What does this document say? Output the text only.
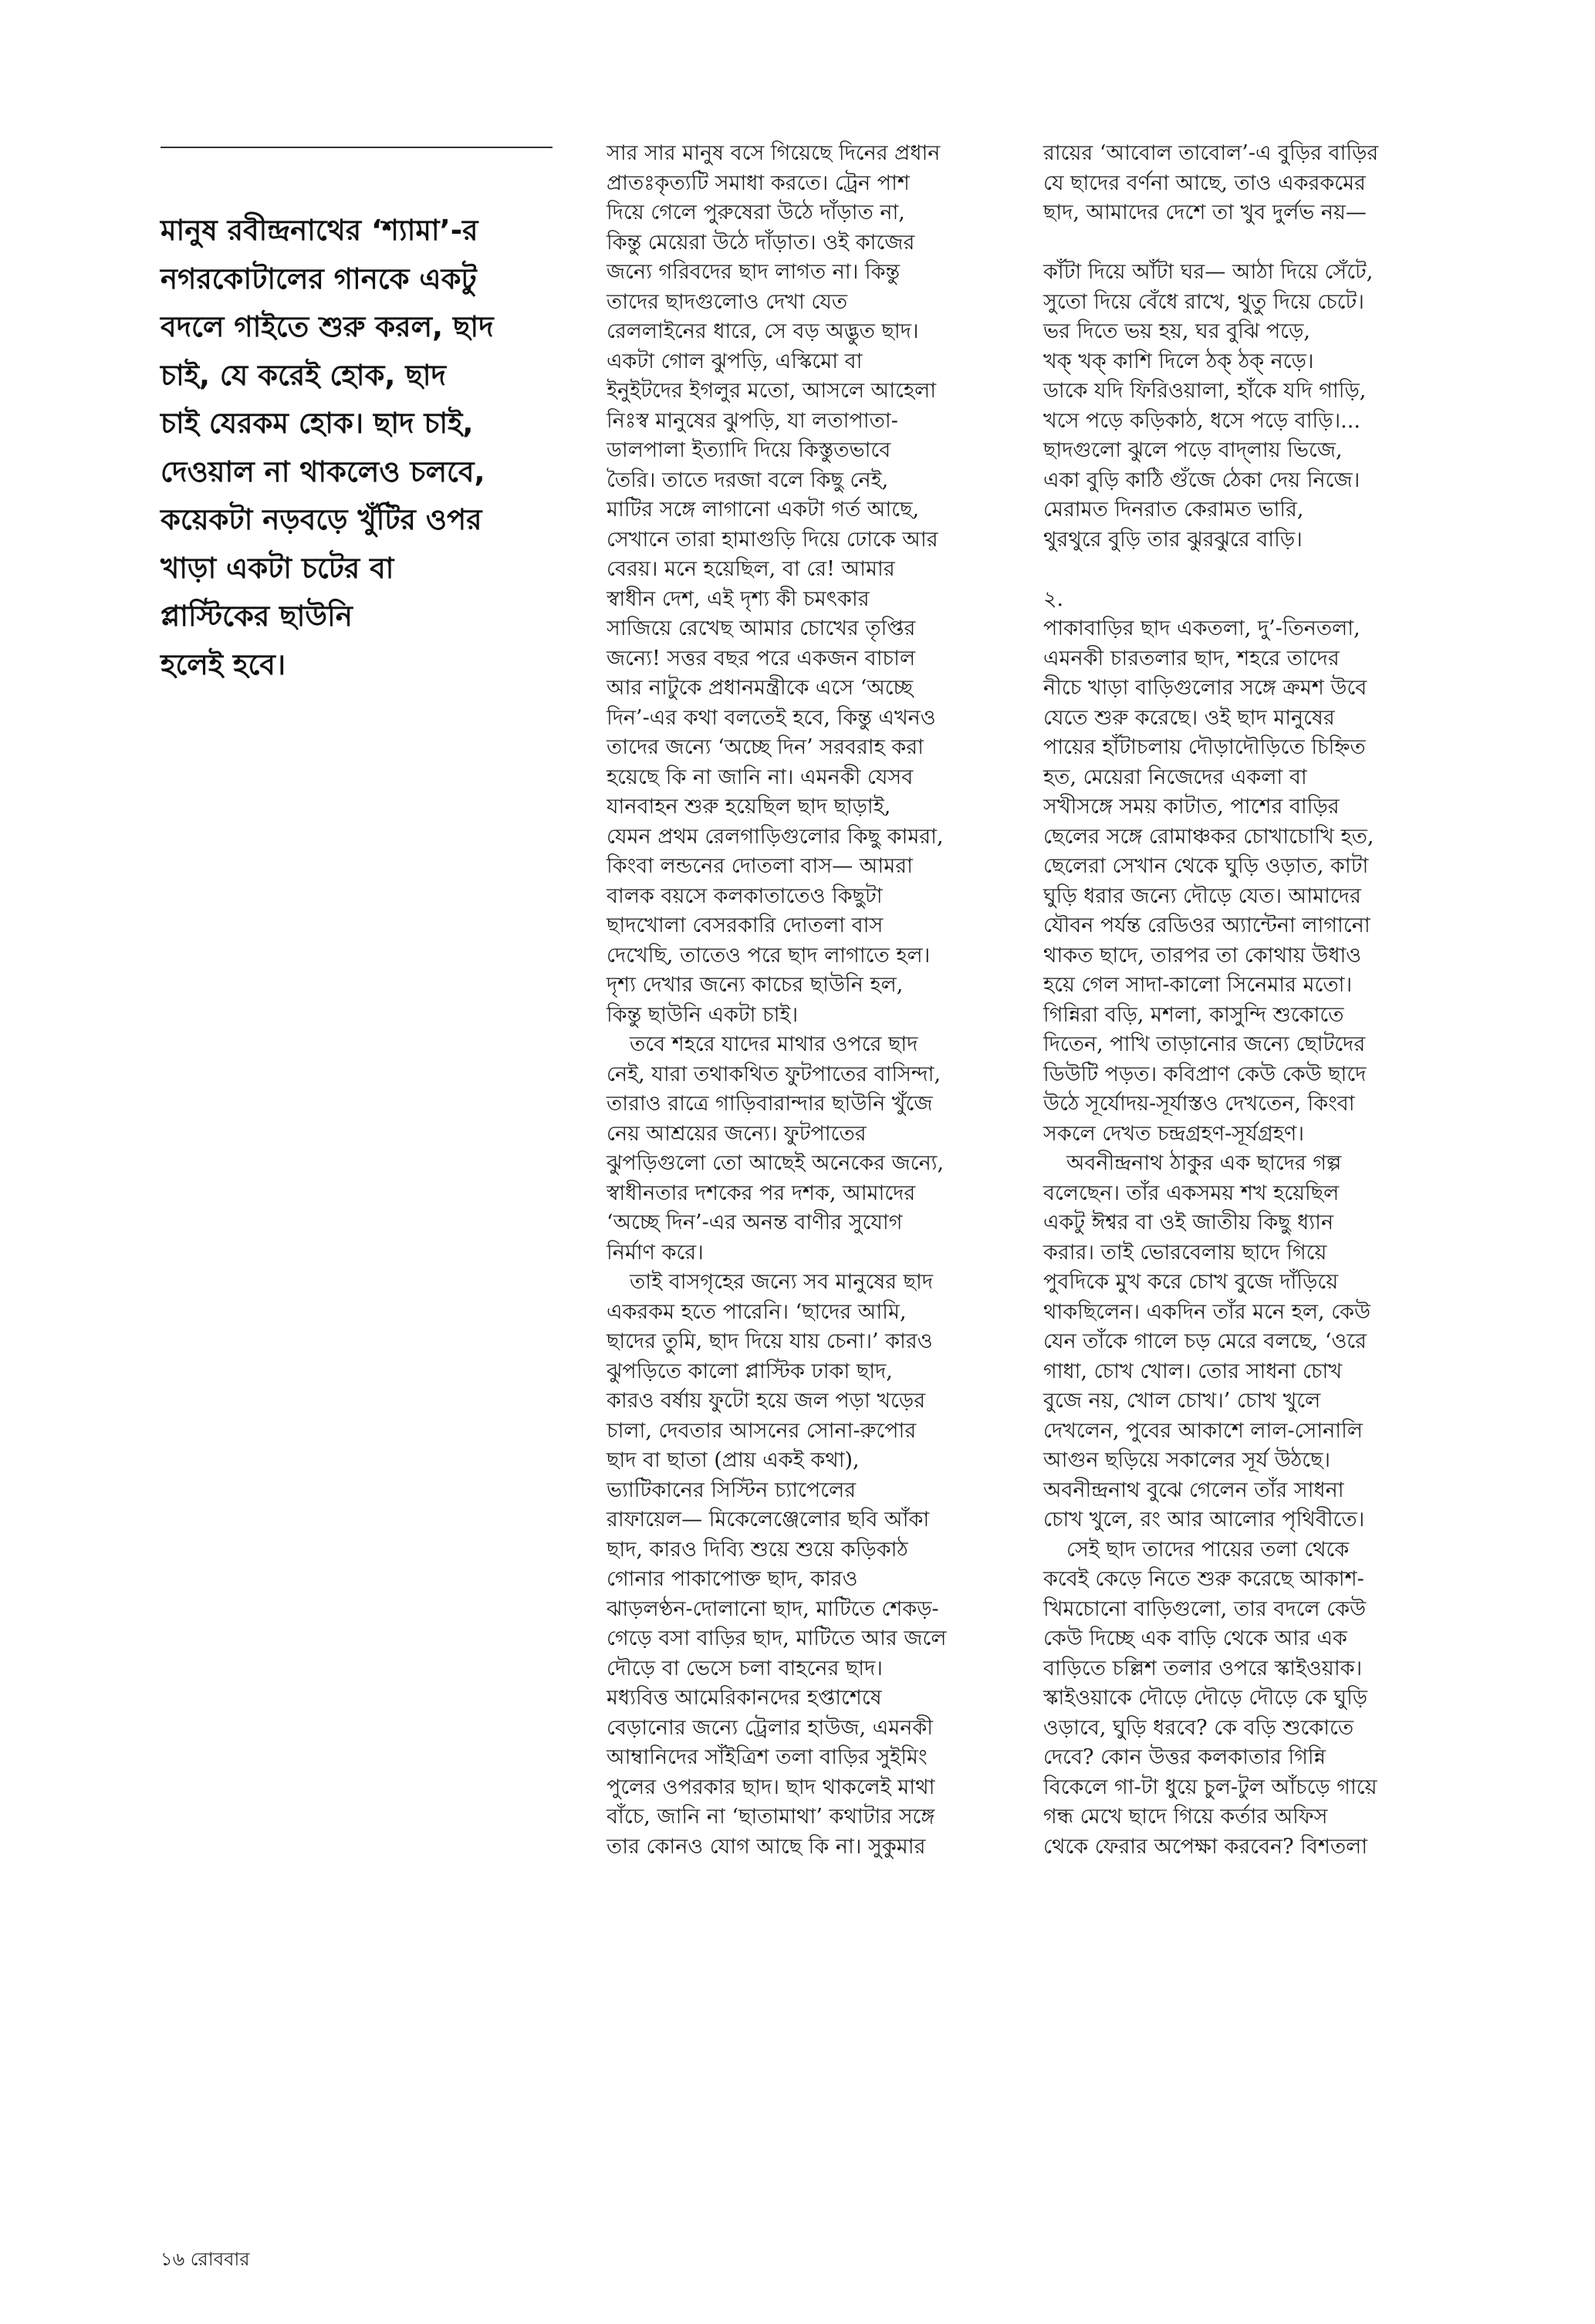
মানুষ রবীন্দ্রনাথের ‘শ্যামা’-র
নগরকোটালের গানকে একটু
বদলে গাইতে শুরু করল, ছাদ
চাই, যে করেই হোক, ছাদ
চাই যেরকম হোক। ছাদ চাই,
দেওয়াল না থাকলেও চলবে,
কয়েকটা নড়বড়ে খুঁটির ওপর
খাড়া একটা চটের বা
প্লাস্টিকের ছাউনি
হলেই হবে।
সার সার মানুষ বসে গিয়েছে দিনের প্রধান
প্রাতঃকৃত্যটি সমাধা করতে। ট্রেন পাশ
দিয়ে গেলে পুরুষেরা উঠে দাঁড়াত না,
কিন্তু মেয়েরা উঠে দাঁড়াত। ওই কাজের
জন্যে গরিবদের ছাদ লাগত না। কিন্তু
তাদের ছাদগুলোও দেখা যেত
রেললাইনের ধারে, সে বড় অদ্ভুত ছাদ।
একটা গোল ঝুপড়ি, এস্কিমো বা
ইনুইটদের ইগলুর মতো, আসলে আহেলা
নিঃস্ব মানুষের ঝুপড়ি, যা লতাপাতা-
ডালপালা ইত্যাদি দিয়ে কিস্তুতভাবে
তৈরি। তাতে দরজা বলে কিছু নেই,
মাটির সঙ্গে লাগানো একটা গর্ত আছে,
সেখানে তারা হামাগুড়ি দিয়ে ঢোকে আর
বেরয়। মনে হয়েছিল, বা রে! আমার
স্বাধীন দেশ, এই দৃশ্য কী চমৎকার
সাজিয়ে রেখেছ আমার চোখের তৃপ্তির
জন্যে! সত্তর বছর পরে একজন বাচাল
আর নাটুকে প্রধানমন্ত্রীকে এসে ‘অচ্ছে
দিন’-এর কথা বলতেই হবে, কিন্তু এখনও
তাদের জন্যে ‘অচ্ছে দিন’ সরবরাহ করা
হয়েছে কি না জানি না। এমনকী যেসব
যানবাহন শুরু হয়েছিল ছাদ ছাড়াই,
যেমন প্রথম রেলগাড়িগুলোর কিছু কামরা,
কিংবা লন্ডনের দোতলা বাস— আমরা
বালক বয়সে কলকাতাতেও কিছুটা
ছাদখোলা বেসরকারি দোতলা বাস
দেখেছি, তাতেও পরে ছাদ লাগাতে হল।
দৃশ্য দেখার জন্যে কাচের ছাউনি হল,
কিন্তু ছাউনি একটা চাই।
তবে শহরে যাদের মাথার ওপরে ছাদ
নেই, যারা তথাকথিত ফুটপাতের বাসিন্দা,
তারাও রাত্রে গাড়িবারান্দার ছাউনি খুঁজে
নেয় আশ্রয়ের জন্যে। ফুটপাতের
ঝুপড়িগুলো তো আছেই অনেকের জন্যে,
স্বাধীনতার দশকের পর দশক, আমাদের
‘অচ্ছে দিন’-এর অনন্ত বাণীর সুযোগ
নির্মাণ করে।
তাই বাসগৃহের জন্যে সব মানুষের ছাদ
একরকম হতে পারেনি। ‘ছাদের আমি,
ছাদের তুমি, ছাদ দিয়ে যায় চেনা।’ কারও
ঝুপড়িতে কালো প্লাস্টিক ঢাকা ছাদ,
কারও বর্ষায় ফুটো হয়ে জল পড়া খড়ের
চালা, দেবতার আসনের সোনা-রুপোর
ছাদ বা ছাতা (প্রায় একই কথা),
ভ্যাটিকানের সিস্টিন চ্যাপেলের
রাফায়েল— মিকেলেঞ্জেলোর ছবি আঁকা
ছাদ, কারও দিব্যি শুয়ে শুয়ে কড়িকাঠ
গোনার পাকাপোক্ত ছাদ, কারও
ঝাড়লণ্ঠন-দোলানো ছাদ, মাটিতে শেকড়-
গেড়ে বসা বাড়ির ছাদ, মাটিতে আর জলে
দৌড়ে বা ভেসে চলা বাহনের ছাদ।
মধ্যবিত্ত আমেরিকানদের হপ্তাশেষে
বেড়ানোর জন্যে ট্রেলার হাউজ, এমনকী
আম্বানিদের সাঁইত্রিশ তলা বাড়ির সুইমিং
পুলের ওপরকার ছাদ। ছাদ থাকলেই মাথা
বাঁচে, জানি না ‘ছাতামাথা’ কথাটার সঙ্গে
তার কোনও যোগ আছে কি না। সুকুমার
রায়ের ‘আবোল তাবোল’-এ বুড়ির বাড়ির
যে ছাদের বর্ণনা আছে, তাও একরকমের
ছাদ, আমাদের দেশে তা খুব দুর্লভ নয়—
কাঁটা দিয়ে আঁটা ঘর— আঠা দিয়ে সেঁটে,
সুতো দিয়ে বেঁধে রাখে, থুতু দিয়ে চেটে।
ভর দিতে ভয় হয়, ঘর বুঝি পড়ে,
খক্ খক্ কাশি দিলে ঠক্ ঠক্ নড়ে।
ডাকে যদি ফিরিওয়ালা, হাঁকে যদি গাড়ি,
খসে পড়ে কড়িকাঠ, ধসে পড়ে বাড়ি।...
ছাদগুলো ঝুলে পড়ে বাদ্‌লায় ভিজে,
একা বুড়ি কাঠি গুঁজে ঠেকা দেয় নিজে।
মেরামত দিনরাত কেরামত ভারি,
থুরথুরে বুড়ি তার ঝুরঝুরে বাড়ি।
২.
পাকাবাড়ির ছাদ একতলা, দু’-তিনতলা,
এমনকী চারতলার ছাদ, শহরে তাদের
নীচে খাড়া বাড়িগুলোর সঙ্গে ক্রমশ উবে
যেতে শুরু করেছে। ওই ছাদ মানুষের
পায়ের হাঁটাচলায় দৌড়াদৌড়িতে চিহ্নিত
হত, মেয়েরা নিজেদের একলা বা
সখীসঙ্গে সময় কাটাত, পাশের বাড়ির
ছেলের সঙ্গে রোমাঞ্চকর চোখাচোখি হত,
ছেলেরা সেখান থেকে ঘুড়ি ওড়াত, কাটা
ঘুড়ি ধরার জন্যে দৌড়ে যেত। আমাদের
যৌবন পর্যন্ত রেডিওর অ্যান্টেনা লাগানো
থাকত ছাদে, তারপর তা কোথায় উধাও
হয়ে গেল সাদা-কালো সিনেমার মতো।
গিন্নিরা বড়ি, মশলা, কাসুন্দি শুকোতে
দিতেন, পাখি তাড়ানোর জন্যে ছোটদের
ডিউটি পড়ত। কবিপ্রাণ কেউ কেউ ছাদে
উঠে সূর্যোদয়-সূর্যাস্তও দেখতেন, কিংবা
সকলে দেখত চন্দ্রগ্রহণ-সূর্যগ্রহণ।
অবনীন্দ্রনাথ ঠাকুর এক ছাদের গল্প
বলেছেন। তাঁর একসময় শখ হয়েছিল
একটু ঈশ্বর বা ওই জাতীয় কিছু ধ্যান
করার। তাই ভোরবেলায় ছাদে গিয়ে
পুবদিকে মুখ করে চোখ বুজে দাঁড়িয়ে
থাকছিলেন। একদিন তাঁর মনে হল, কেউ
যেন তাঁকে গালে চড় মেরে বলছে, ‘ওরে
গাধা, চোখ খোল। তোর সাধনা চোখ
বুজে নয়, খোল চোখ।’ চোখ খুলে
দেখলেন, পুবের আকাশে লাল-সোনালি
আগুন ছড়িয়ে সকালের সূর্য উঠছে।
অবনীন্দ্রনাথ বুঝে গেলেন তাঁর সাধনা
চোখ খুলে, রং আর আলোর পৃথিবীতে।
সেই ছাদ তাদের পায়ের তলা থেকে
কবেই কেড়ে নিতে শুরু করেছে আকাশ-
খিমচোনো বাড়িগুলো, তার বদলে কেউ
কেউ দিচ্ছে এক বাড়ি থেকে আর এক
বাড়িতে চল্লিশ তলার ওপরে স্কাইওয়াক।
স্কাইওয়াকে দৌড়ে দৌড়ে দৌড়ে কে ঘুড়ি
ওড়াবে, ঘুড়ি ধরবে? কে বড়ি শুকোতে
দেবে? কোন উত্তর কলকাতার গিন্নি
বিকেলে গা-টা ধুয়ে চুল-টুল আঁচড়ে গায়ে
গন্ধ মেখে ছাদে গিয়ে কর্তার অফিস
থেকে ফেরার অপেক্ষা করবেন? বিশতলা
১৬ রোববার
